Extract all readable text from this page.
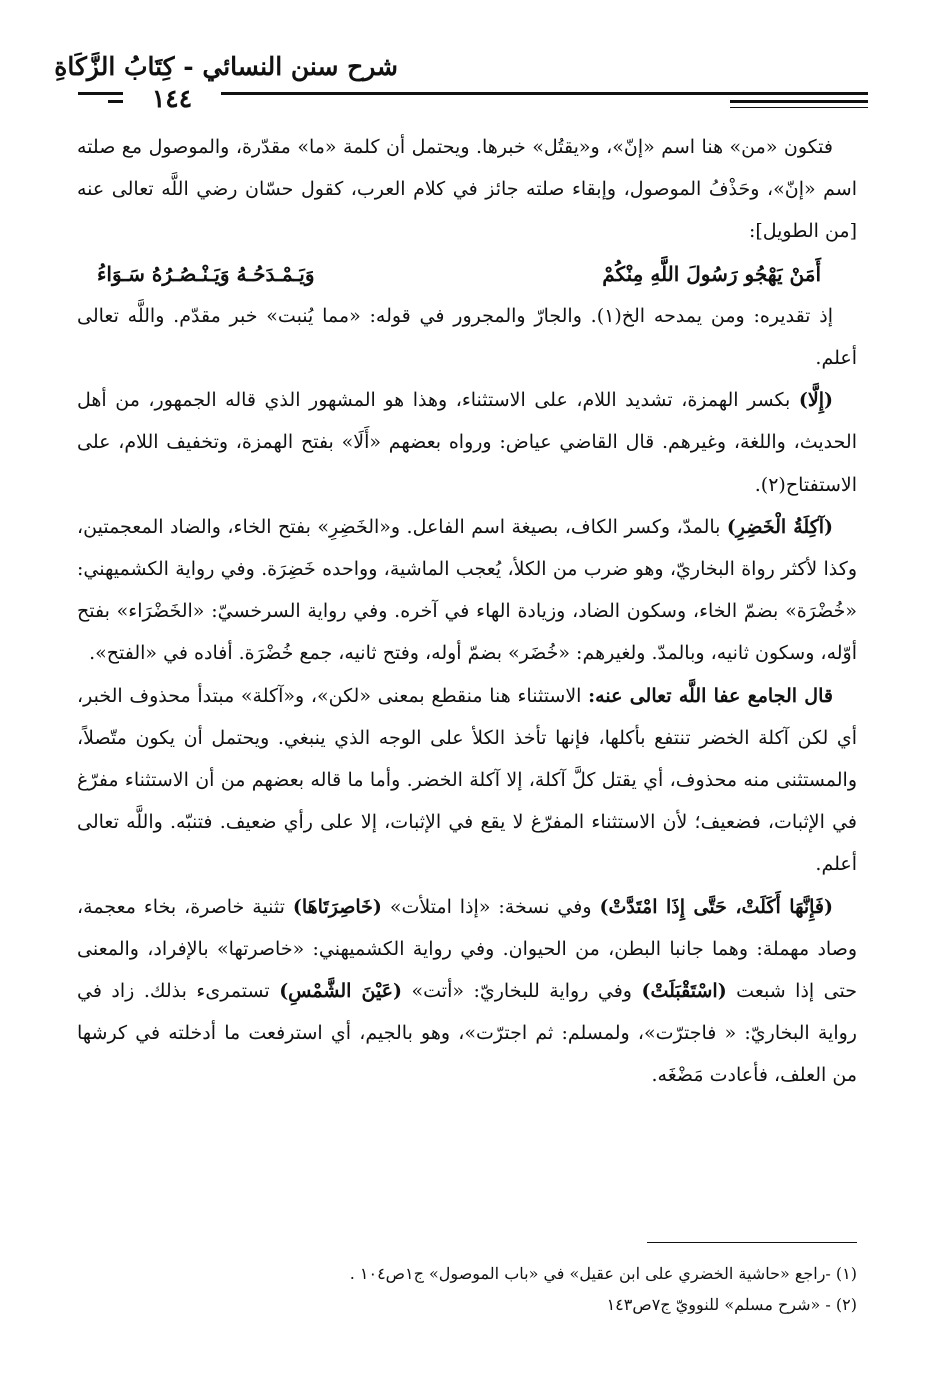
شرح سنن النسائي - كِتَابُ الزَّكَاةِ
١٤٤

فتكون «من» هنا اسم «إنّ»، و«يقتُل» خبرها. ويحتمل أن كلمة «ما» مقدّرة، والموصول مع صلته اسم «إنّ»، وحَذْفُ الموصول، وإبقاء صلته جائز في كلام العرب، كقول حسّان رضي اللَّه تعالى عنه [من الطويل]:

أَمَنْ يَهْجُو رَسُولَ اللَّهِ مِنْكُمْ
وَيَـمْـدَحُـهُ وَيَـنْـصُـرُهُ سَـوَاءُ

إذ تقديره: ومن يمدحه الخ(١). والجارّ والمجرور في قوله: «مما يُنبت» خبر مقدّم. واللَّه تعالى أعلم.

(إِلَّا) بكسر الهمزة، تشديد اللام، على الاستثناء، وهذا هو المشهور الذي قاله الجمهور، من أهل الحديث، واللغة، وغيرهم. قال القاضي عياض: ورواه بعضهم «أَلَا» بفتح الهمزة، وتخفيف اللام، على الاستفتاح(٢).

(آكِلَةُ الْخَضِرِ) بالمدّ، وكسر الكاف، بصيغة اسم الفاعل. و«الخَضِرِ» بفتح الخاء، والضاد المعجمتين، وكذا لأكثر رواة البخاريّ، وهو ضرب من الكلأ، يُعجب الماشية، وواحده خَضِرَة. وفي رواية الكشميهني: «خُضْرَة» بضمّ الخاء، وسكون الضاد، وزيادة الهاء في آخره. وفي رواية السرخسيّ: «الخَضْرَاء» بفتح أوّله، وسكون ثانيه، وبالمدّ. ولغيرهم: «خُضَر» بضمّ أوله، وفتح ثانيه، جمع خُضْرَة. أفاده في «الفتح».

قال الجامع عفا اللَّه تعالى عنه: الاستثناء هنا منقطع بمعنى «لكن»، و«آكلة» مبتدأ محذوف الخبر، أي لكن آكلة الخضر تنتفع بأكلها، فإنها تأخذ الكلأ على الوجه الذي ينبغي. ويحتمل أن يكون متّصلاً، والمستثنى منه محذوف، أي يقتل كلَّ آكلة، إلا آكلة الخضر. وأما ما قاله بعضهم من أن الاستثناء مفرّغ في الإثبات، فضعيف؛ لأن الاستثناء المفرّغ لا يقع في الإثبات، إلا على رأي ضعيف. فتنبّه. واللَّه تعالى أعلم.

(فَإِنَّهَا أَكَلَتْ، حَتَّى إِذَا امْتَدَّتْ) وفي نسخة: «إذا امتلأت» (خَاصِرَتَاهَا) تثنية خاصرة، بخاء معجمة، وصاد مهملة: وهما جانبا البطن، من الحيوان. وفي رواية الكشميهني: «خاصرتها» بالإفراد، والمعنى حتى إذا شبعت (اسْتَقْبَلَتْ) وفي رواية للبخاريّ: «أتت» (عَيْنَ الشَّمْسِ) تستمرىء بذلك. زاد في رواية البخاريّ: « فاجترّت»، ولمسلم: ثم اجترّت»، وهو بالجيم، أي استرفعت ما أدخلته في كرشها من العلف، فأعادت مَضْغَه.

(١) -راجع «حاشية الخضري على ابن عقيل» في «باب الموصول» ج١ص١٠٤ .
(٢) - «شرح مسلم» للنوويّ ج٧ص١٤٣
